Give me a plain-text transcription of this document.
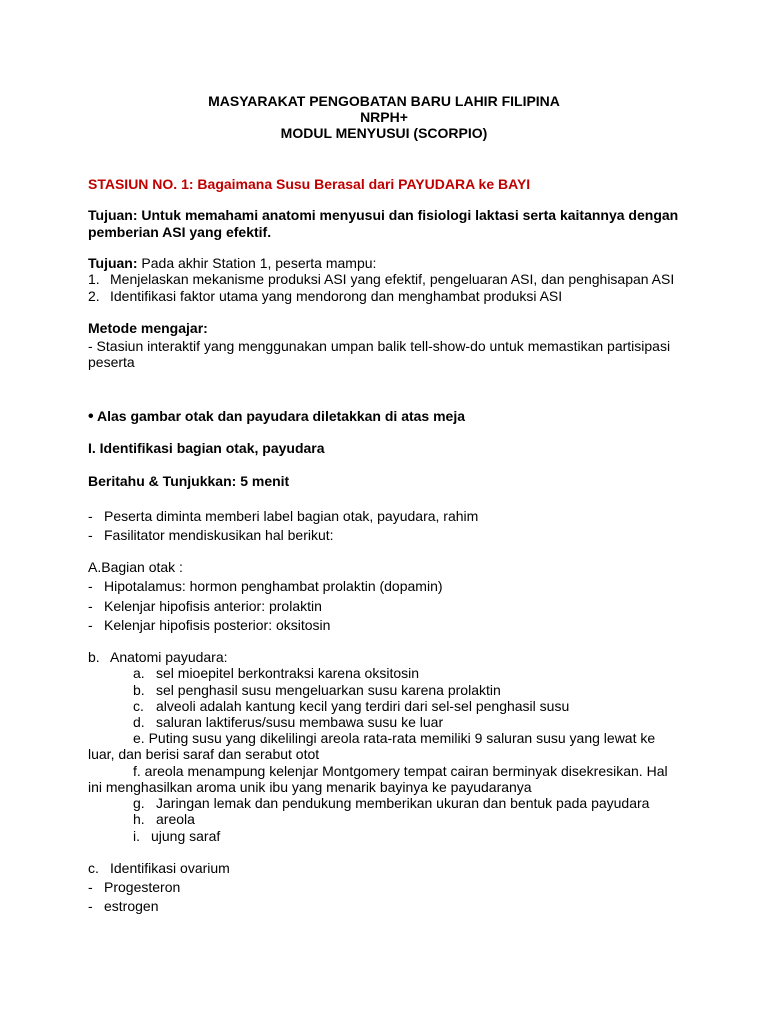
MASYARAKAT PENGOBATAN BARU LAHIR FILIPINA
NRPH+
MODUL MENYUSUI (SCORPIO)
STASIUN NO. 1: Bagaimana Susu Berasal dari PAYUDARA ke BAYI
Tujuan: Untuk memahami anatomi menyusui dan fisiologi laktasi serta kaitannya dengan
pemberian ASI yang efektif.
Tujuan: Pada akhir Station 1, peserta mampu:
1. Menjelaskan mekanisme produksi ASI yang efektif, pengeluaran ASI, dan penghisapan ASI
2. Identifikasi faktor utama yang mendorong dan menghambat produksi ASI
Metode mengajar:
- Stasiun interaktif yang menggunakan umpan balik tell-show-do untuk memastikan partisipasi
peserta
• Alas gambar otak dan payudara diletakkan di atas meja
I. Identifikasi bagian otak, payudara
Beritahu & Tunjukkan: 5 menit
- Peserta diminta memberi label bagian otak, payudara, rahim
- Fasilitator mendiskusikan hal berikut:
A.Bagian otak :
- Hipotalamus: hormon penghambat prolaktin (dopamin)
- Kelenjar hipofisis anterior: prolaktin
- Kelenjar hipofisis posterior: oksitosin
b. Anatomi payudara:
a. sel mioepitel berkontraksi karena oksitosin
b. sel penghasil susu mengeluarkan susu karena prolaktin
c. alveoli adalah kantung kecil yang terdiri dari sel-sel penghasil susu
d. saluran laktiferus/susu membawa susu ke luar
e. Puting susu yang dikelilingi areola rata-rata memiliki 9 saluran susu yang lewat ke
luar, dan berisi saraf dan serabut otot
f. areola menampung kelenjar Montgomery tempat cairan berminyak disekresikan. Hal
ini menghasilkan aroma unik ibu yang menarik bayinya ke payudaranya
g. Jaringan lemak dan pendukung memberikan ukuran dan bentuk pada payudara
h. areola
i. ujung saraf
c. Identifikasi ovarium
- Progesteron
- estrogen
